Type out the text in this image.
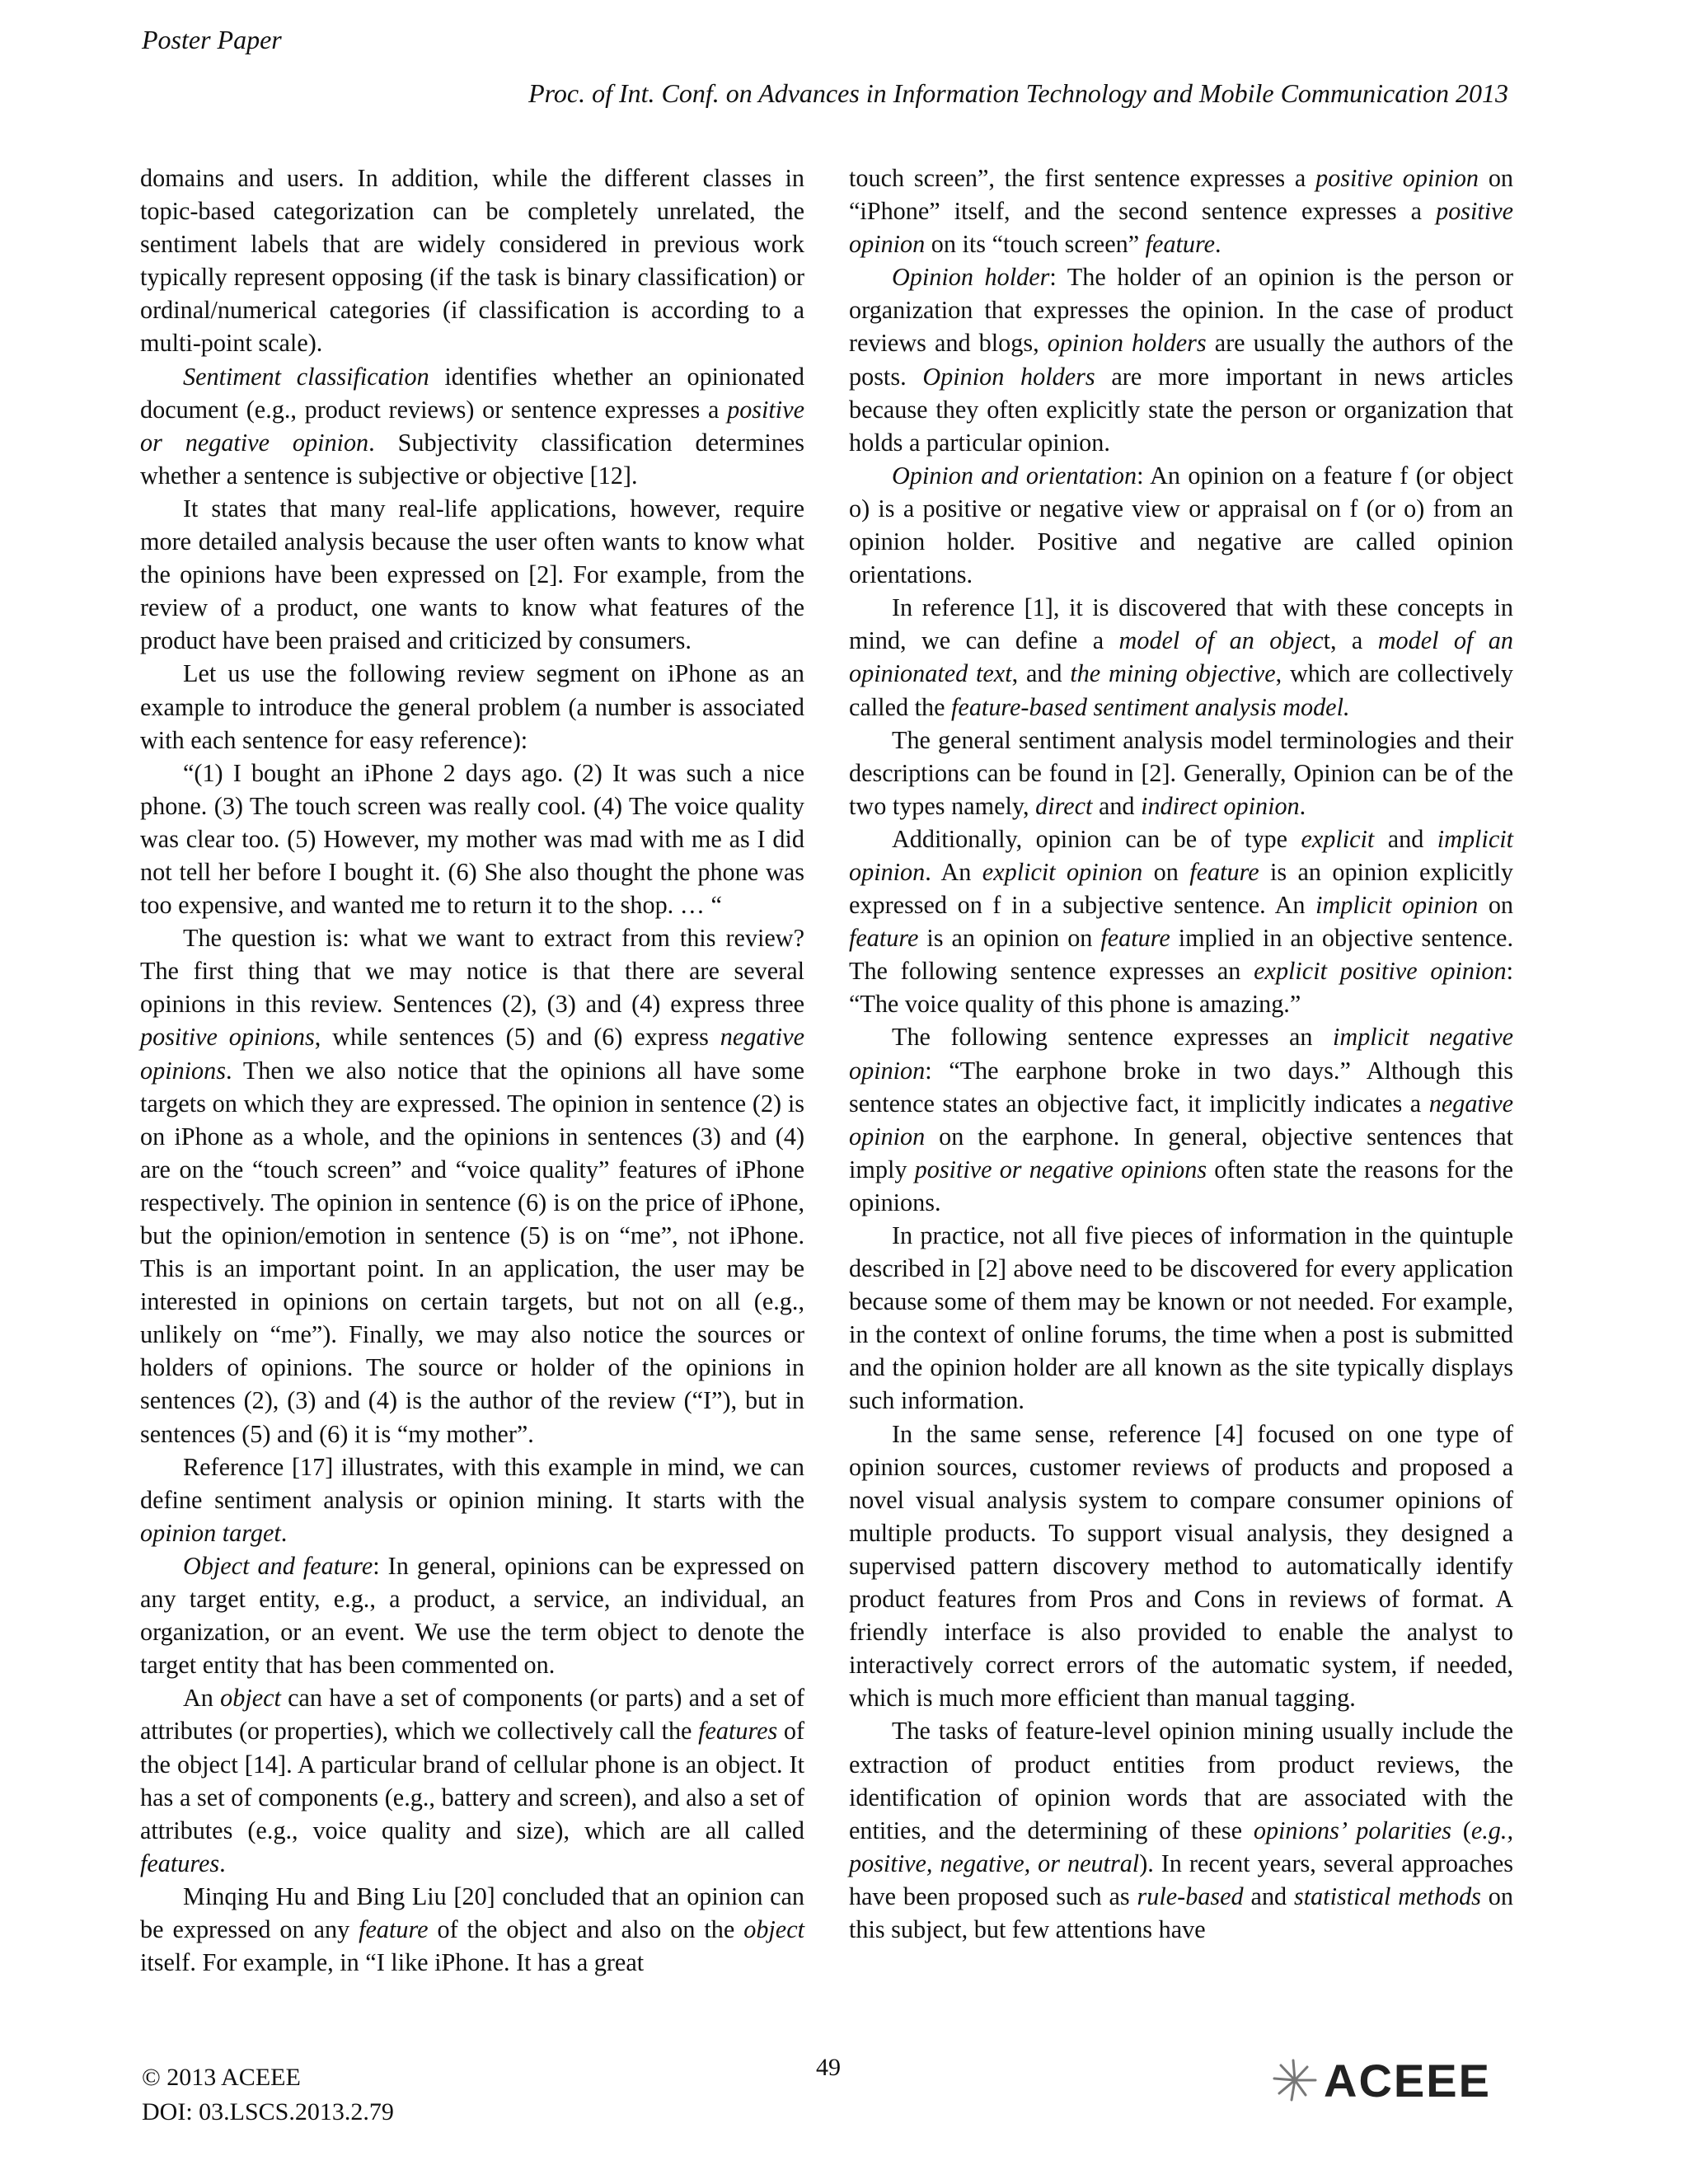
Poster Paper
Proc. of Int. Conf. on Advances in Information Technology and Mobile Communication 2013

domains and users. In addition, while the different classes in topic-based categorization can be completely unrelated, the sentiment labels that are widely considered in previous work typically represent opposing (if the task is binary classification) or ordinal/numerical categories (if classification is according to a multi-point scale).

Sentiment classification identifies whether an opinionated document (e.g., product reviews) or sentence expresses a positive or negative opinion. Subjectivity classification determines whether a sentence is subjective or objective [12].

It states that many real-life applications, however, require more detailed analysis because the user often wants to know what the opinions have been expressed on [2]. For example, from the review of a product, one wants to know what features of the product have been praised and criticized by consumers.

Let us use the following review segment on iPhone as an example to introduce the general problem (a number is associated with each sentence for easy reference):

“(1) I bought an iPhone 2 days ago. (2) It was such a nice phone. (3) The touch screen was really cool. (4) The voice quality was clear too. (5) However, my mother was mad with me as I did not tell her before I bought it. (6) She also thought the phone was too expensive, and wanted me to return it to the shop. … “

The question is: what we want to extract from this review? The first thing that we may notice is that there are several opinions in this review. Sentences (2), (3) and (4) express three positive opinions, while sentences (5) and (6) express negative opinions. Then we also notice that the opinions all have some targets on which they are expressed. The opinion in sentence (2) is on iPhone as a whole, and the opinions in sentences (3) and (4) are on the “touch screen” and “voice quality” features of iPhone respectively. The opinion in sentence (6) is on the price of iPhone, but the opinion/emotion in sentence (5) is on “me”, not iPhone. This is an important point. In an application, the user may be interested in opinions on certain targets, but not on all (e.g., unlikely on “me”). Finally, we may also notice the sources or holders of opinions. The source or holder of the opinions in sentences (2), (3) and (4) is the author of the review (“I”), but in sentences (5) and (6) it is “my mother”.

Reference [17] illustrates, with this example in mind, we can define sentiment analysis or opinion mining. It starts with the opinion target.

Object and feature: In general, opinions can be expressed on any target entity, e.g., a product, a service, an individual, an organization, or an event. We use the term object to denote the target entity that has been commented on.

An object can have a set of components (or parts) and a set of attributes (or properties), which we collectively call the features of the object [14]. A particular brand of cellular phone is an object. It has a set of components (e.g., battery and screen), and also a set of attributes (e.g., voice quality and size), which are all called features.

Minqing Hu and Bing Liu [20] concluded that an opinion can be expressed on any feature of the object and also on the object itself. For example, in “I like iPhone. It has a great

touch screen”, the first sentence expresses a positive opinion on “iPhone” itself, and the second sentence expresses a positive opinion on its “touch screen” feature.

Opinion holder: The holder of an opinion is the person or organization that expresses the opinion. In the case of product reviews and blogs, opinion holders are usually the authors of the posts. Opinion holders are more important in news articles because they often explicitly state the person or organization that holds a particular opinion.

Opinion and orientation: An opinion on a feature f (or object o) is a positive or negative view or appraisal on f (or o) from an opinion holder. Positive and negative are called opinion orientations.

In reference [1], it is discovered that with these concepts in mind, we can define a model of an object, a model of an opinionated text, and the mining objective, which are collectively called the feature-based sentiment analysis model.

The general sentiment analysis model terminologies and their descriptions can be found in [2]. Generally, Opinion can be of the two types namely, direct and indirect opinion.

Additionally, opinion can be of type explicit and implicit opinion. An explicit opinion on feature is an opinion explicitly expressed on f in a subjective sentence. An implicit opinion on feature is an opinion on feature implied in an objective sentence. The following sentence expresses an explicit positive opinion: “The voice quality of this phone is amazing.”

The following sentence expresses an implicit negative opinion: “The earphone broke in two days.” Although this sentence states an objective fact, it implicitly indicates a negative opinion on the earphone. In general, objective sentences that imply positive or negative opinions often state the reasons for the opinions.

In practice, not all five pieces of information in the quintuple described in [2] above need to be discovered for every application because some of them may be known or not needed. For example, in the context of online forums, the time when a post is submitted and the opinion holder are all known as the site typically displays such information.

In the same sense, reference [4] focused on one type of opinion sources, customer reviews of products and proposed a novel visual analysis system to compare consumer opinions of multiple products. To support visual analysis, they designed a supervised pattern discovery method to automatically identify product features from Pros and Cons in reviews of format. A friendly interface is also provided to enable the analyst to interactively correct errors of the automatic system, if needed, which is much more efficient than manual tagging.

The tasks of feature-level opinion mining usually include the extraction of product entities from product reviews, the identification of opinion words that are associated with the entities, and the determining of these opinions’ polarities (e.g., positive, negative, or neutral). In recent years, several approaches have been proposed such as rule-based and statistical methods on this subject, but few attentions have

© 2013 ACEEE
DOI: 03.LSCS.2013.2.79
49	ACEEE
